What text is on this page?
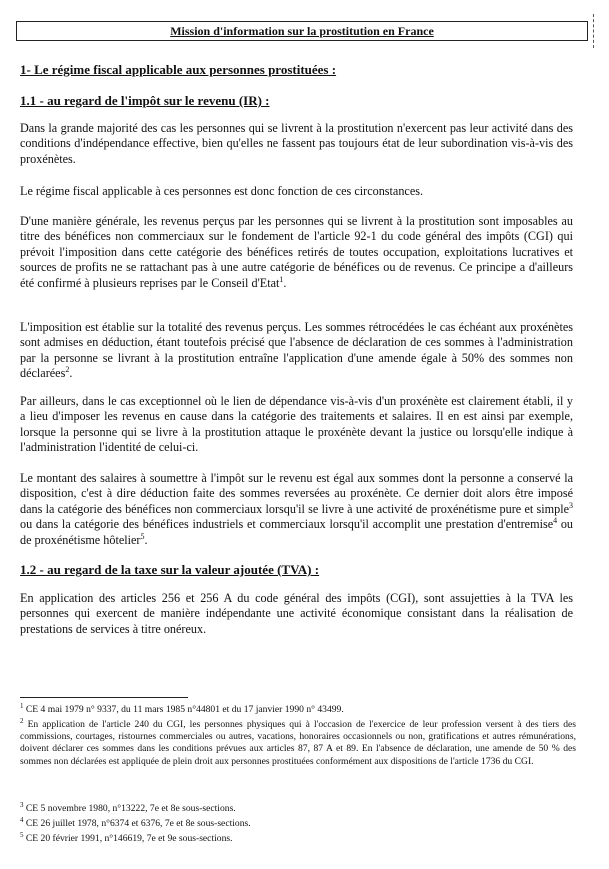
Mission d'information sur la prostitution en France
1- Le régime fiscal applicable aux personnes prostituées :
1.1 - au regard de l'impôt sur le revenu (IR) :

Dans la grande majorité des cas les personnes qui se livrent à la prostitution n'exercent pas leur activité dans des conditions d'indépendance effective, bien qu'elles ne fassent pas toujours état de leur subordination vis-à-vis des proxénètes.

Le régime fiscal applicable à ces personnes est donc fonction de ces circonstances.

D'une manière générale, les revenus perçus par les personnes qui se livrent à la prostitution sont imposables au titre des bénéfices non commerciaux sur le fondement de l'article 92-1 du code général des impôts (CGI) qui prévoit l'imposition dans cette catégorie des bénéfices retirés de toutes occupation, exploitations lucratives et sources de profits ne se rattachant pas à une autre catégorie de bénéfices ou de revenus. Ce principe a d'ailleurs été confirmé à plusieurs reprises par le Conseil d'Etat$^1$.

L'imposition est établie sur la totalité des revenus perçus. Les sommes rétrocédées le cas échéant aux proxénètes sont admises en déduction, étant toutefois précisé que l'absence de déclaration de ces sommes à l'administration par la personne se livrant à la prostitution entraîne l'application d'une amende égale à 50% des sommes non déclarées$^2$.

Par ailleurs, dans le cas exceptionnel où le lien de dépendance vis-à-vis d'un proxénète est clairement établi, il y a lieu d'imposer les revenus en cause dans la catégorie des traitements et salaires. Il en est ainsi par exemple, lorsque la personne qui se livre à la prostitution attaque le proxénète devant la justice ou lorsqu'elle indique à l'administration l'identité de celui-ci.

Le montant des salaires à soumettre à l'impôt sur le revenu est égal aux sommes dont la personne a conservé la disposition, c'est à dire déduction faite des sommes reversées au proxénète. Ce dernier doit alors être imposé dans la catégorie des bénéfices non commerciaux lorsqu'il se livre à une activité de proxénétisme pure et simple$^3$ ou dans la catégorie des bénéfices industriels et commerciaux lorsqu'il accomplit une prestation d'entremise$^4$ ou de proxénétisme hôtelier$^5$.

1.2 - au regard de la taxe sur la valeur ajoutée (TVA) :

En application des articles 256 et 256 A du code général des impôts (CGI), sont assujetties à la TVA les personnes qui exercent de manière indépendante une activité économique consistant dans la réalisation de prestations de services à titre onéreux.

$^1$ CE 4 mai 1979 n° 9337, du 11 mars 1985 n°44801 et du 17 janvier 1990 n° 43499.

$^2$ En application de l'article 240 du CGI, les personnes physiques qui à l'occasion de l'exercice de leur profession versent à des tiers des commissions, courtages, ristournes commerciales ou autres, vacations, honoraires occasionnels ou non, gratifications et autres rémunérations, doivent déclarer ces sommes dans les conditions prévues aux articles 87, 87 A et 89. En l'absence de déclaration, une amende de 50 % des sommes non déclarées est appliquée de plein droit aux personnes prostituées conformément aux dispositions de l'article 1736 du CGI.

$^3$ CE 5 novembre 1980, n°13222, 7e et 8e sous-sections.

$^4$ CE 26 juillet 1978, n°6374 et 6376, 7e et 8e sous-sections.

$^5$ CE 20 février 1991, n°146619, 7e et 9e sous-sections.
